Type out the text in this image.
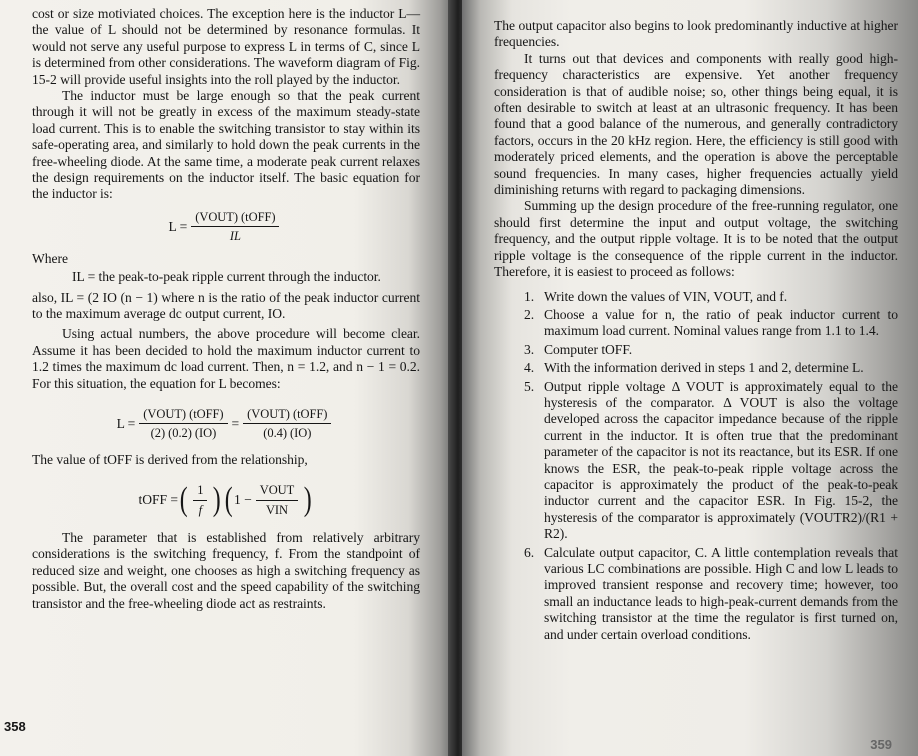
cost or size motiviated choices. The exception here is the inductor L—the value of L should not be determined by resonance formulas. It would not serve any useful purpose to express L in terms of C, since L is determined from other considerations. The waveform diagram of Fig. 15-2 will provide useful insights into the roll played by the inductor.

The inductor must be large enough so that the peak current through it will not be greatly in excess of the maximum steady-state load current. This is to enable the switching transistor to stay within its safe-operating area, and similarly to hold down the peak currents in the free-wheeling diode. At the same time, a moderate peak current relaxes the design requirements on the inductor itself. The basic equation for the inductor is:

$L = \frac{\text{(VOUT) (tOFF)}}{IL}$

Where

IL = the peak-to-peak ripple current through the inductor.

also, IL = (2 IO (n − 1) where n is the ratio of the peak inductor current to the maximum average dc output current, IO.

Using actual numbers, the above procedure will become clear. Assume it has been decided to hold the maximum inductor current to 1.2 times the maximum dc load current. Then, n = 1.2, and n − 1 = 0.2. For this situation, the equation for L becomes:

$L = \frac{\text{(VOUT) (tOFF)}}{(2) (0.2) (IO)} = \frac{\text{(VOUT) (tOFF)}}{(0.4) (IO)}$

The value of tOFF is derived from the relationship,

tOFF = ( $\frac{1}{f}$ ) ( $1 - \frac{\text{VOUT}}{\text{VIN}}$ )

The parameter that is established from relatively arbitrary considerations is the switching frequency, f. From the standpoint of reduced size and weight, one chooses as high a switching frequency as possible. But, the overall cost and the speed capability of the switching transistor and the free-wheeling diode act as restraints.

358

The output capacitor also begins to look predominantly inductive at higher frequencies.

It turns out that devices and components with really good high-frequency characteristics are expensive. Yet another frequency consideration is that of audible noise; so, other things being equal, it is often desirable to switch at least at an ultrasonic frequency. It has been found that a good balance of the numerous, and generally contradictory factors, occurs in the 20 kHz region. Here, the efficiency is still good with moderately priced elements, and the operation is above the perceptable sound frequencies. In many cases, higher frequencies actually yield diminishing returns with regard to packaging dimensions.

Summing up the design procedure of the free-running regulator, one should first determine the input and output voltage, the switching frequency, and the output ripple voltage. It is to be noted that the output ripple voltage is the consequence of the ripple current in the inductor. Therefore, it is easiest to proceed as follows:

1. Write down the values of VIN, VOUT, and f.
2. Choose a value for n, the ratio of peak inductor current to maximum load current. Nominal values range from 1.1 to 1.4.
3. Computer tOFF.
4. With the information derived in steps 1 and 2, determine L.
5. Output ripple voltage Δ VOUT is approximately equal to the hysteresis of the comparator. Δ VOUT is also the voltage developed across the capacitor impedance because of the ripple current in the inductor. It is often true that the predominant parameter of the capacitor is not its reactance, but its ESR. If one knows the ESR, the peak-to-peak ripple voltage across the capacitor is approximately the product of the peak-to-peak inductor current and the capacitor ESR. In Fig. 15-2, the hysteresis of the comparator is approximately (VOUTR2)/(R1 + R2).
6. Calculate output capacitor, C. A little contemplation reveals that various LC combinations are possible. High C and low L leads to improved transient response and recovery time; however, too small an inductance leads to high-peak-current demands from the switching transistor at the time the regulator is first turned on, and under certain overload conditions.
359
